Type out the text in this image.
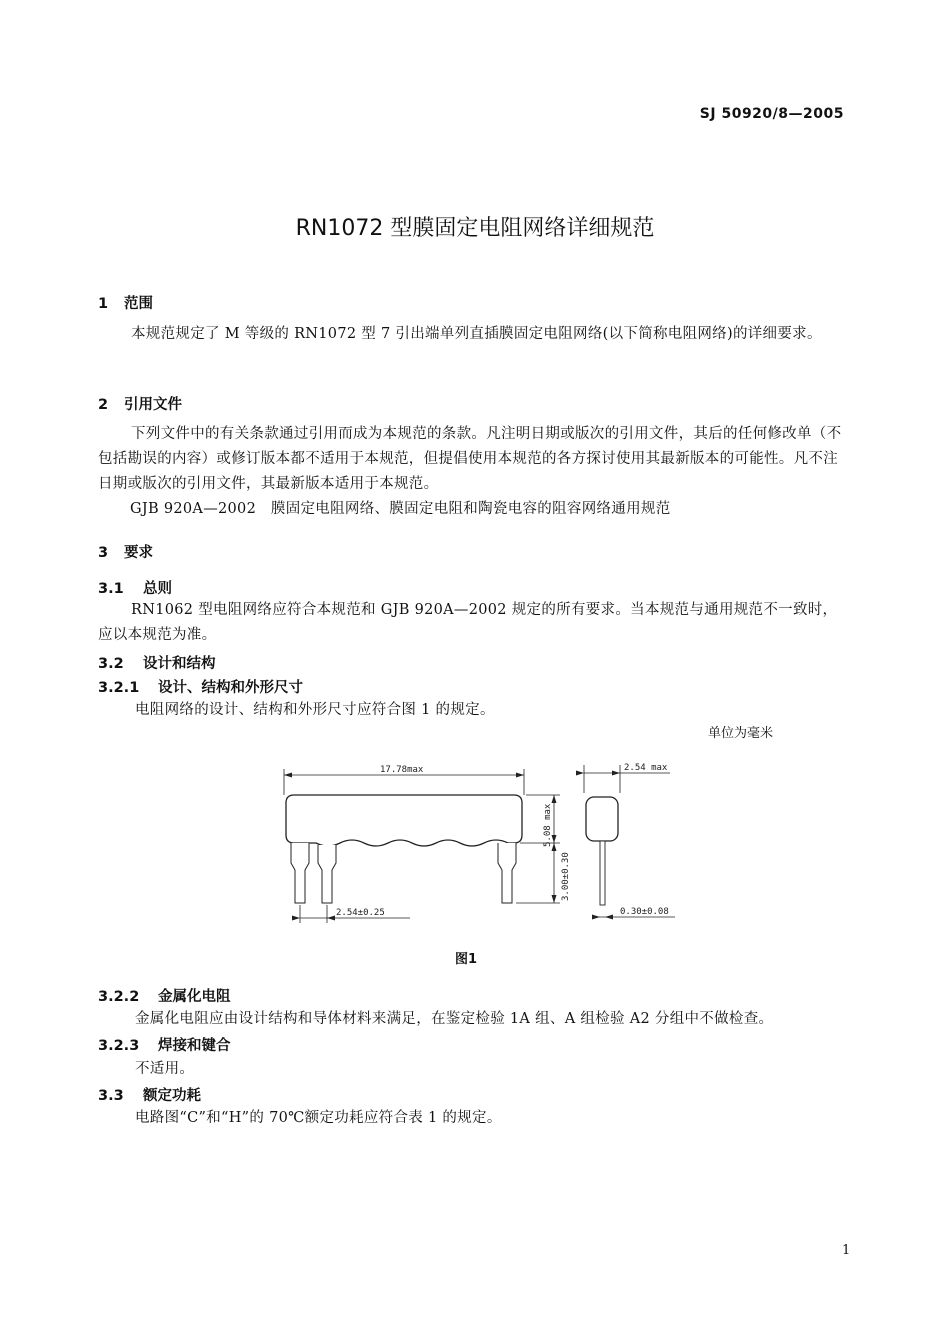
SJ 50920/8—2005
RN1072 型膜固定电阻网络详细规范
1 范围
本规范规定了 M 等级的 RN1072 型 7 引出端单列直插膜固定电阻网络(以下简称电阻网络)的详细要求。
2 引用文件
下列文件中的有关条款通过引用而成为本规范的条款。凡注明日期或版次的引用文件，其后的任何修改单（不包括勘误的内容）或修订版本都不适用于本规范，但提倡使用本规范的各方探讨使用其最新版本的可能性。凡不注日期或版次的引用文件，其最新版本适用于本规范。
GJB 920A—2002　膜固定电阻网络、膜固定电阻和陶瓷电容的阻容网络通用规范
3 要求
3.1 总则
RN1062 型电阻网络应符合本规范和 GJB 920A—2002 规定的所有要求。当本规范与通用规范不一致时，应以本规范为准。
3.2 设计和结构
3.2.1 设计、结构和外形尺寸
电阻网络的设计、结构和外形尺寸应符合图 1 的规定。
单位为毫米
17.78max
2.54±0.25
5.08 max
3.00±0.30
2.54 max
0.30±0.08
图1
3.2.2 金属化电阻
金属化电阻应由设计结构和导体材料来满足，在鉴定检验 1A 组、A 组检验 A2 分组中不做检查。
3.2.3 焊接和键合
不适用。
3.3 额定功耗
电路图“C”和“H”的 70℃额定功耗应符合表 1 的规定。
1
